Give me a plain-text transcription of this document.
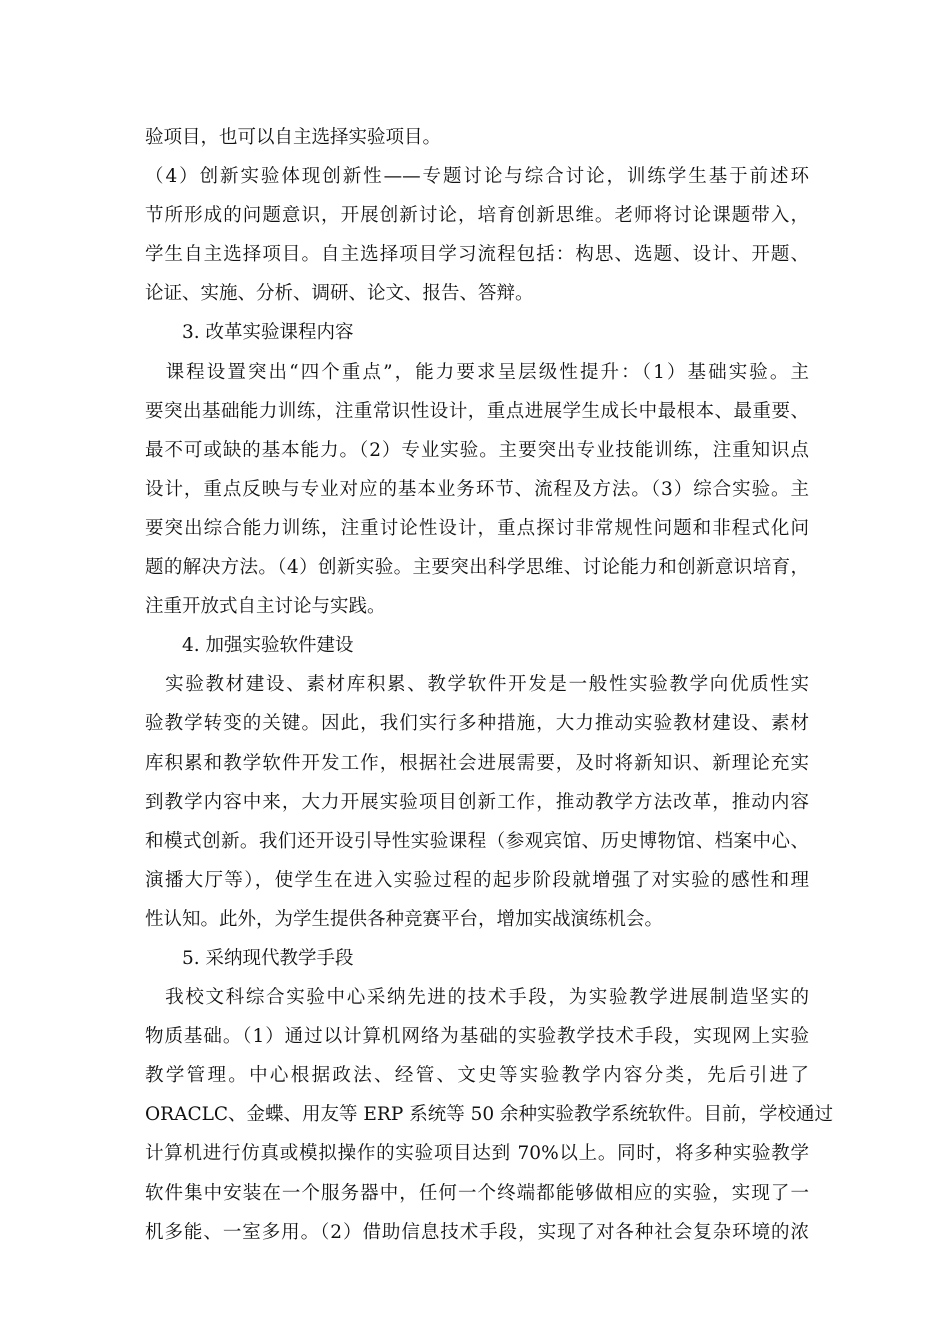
验项目，也可以自主选择实验项目。
（4）创新实验体现创新性——专题讨论与综合讨论，训练学生基于前述环
节所形成的问题意识，开展创新讨论，培育创新思维。老师将讨论课题带入，
学生自主选择项目。自主选择项目学习流程包括：构思、选题、设计、开题、
论证、实施、分析、调研、论文、报告、答辩。
3. 改革实验课程内容
　课程设置突出“四个重点”，能力要求呈层级性提升：（1）基础实验。主
要突出基础能力训练，注重常识性设计，重点进展学生成长中最根本、最重要、
最不可或缺的基本能力。（2）专业实验。主要突出专业技能训练，注重知识点
设计，重点反映与专业对应的基本业务环节、流程及方法。（3）综合实验。主
要突出综合能力训练，注重讨论性设计，重点探讨非常规性问题和非程式化问
题的解决方法。（4）创新实验。主要突出科学思维、讨论能力和创新意识培育，
注重开放式自主讨论与实践。
4. 加强实验软件建设
　实验教材建设、素材库积累、教学软件开发是一般性实验教学向优质性实
验教学转变的关键。因此，我们实行多种措施，大力推动实验教材建设、素材
库积累和教学软件开发工作，根据社会进展需要，及时将新知识、新理论充实
到教学内容中来，大力开展实验项目创新工作，推动教学方法改革，推动内容
和模式创新。我们还开设引导性实验课程（参观宾馆、历史博物馆、档案中心、
演播大厅等），使学生在进入实验过程的起步阶段就增强了对实验的感性和理
性认知。此外，为学生提供各种竞赛平台，增加实战演练机会。
5. 采纳现代教学手段
　我校文科综合实验中心采纳先进的技术手段，为实验教学进展制造坚实的
物质基础。（1）通过以计算机网络为基础的实验教学技术手段，实现网上实验
教学管理。中心根据政法、经管、文史等实验教学内容分类，先后引进了
ORACLC、金蝶、用友等 ERP 系统等 50 余种实验教学系统软件。目前，学校通过
计算机进行仿真或模拟操作的实验项目达到 70%以上。同时，将多种实验教学
软件集中安装在一个服务器中，任何一个终端都能够做相应的实验，实现了一
机多能、一室多用。（2）借助信息技术手段，实现了对各种社会复杂环境的浓
